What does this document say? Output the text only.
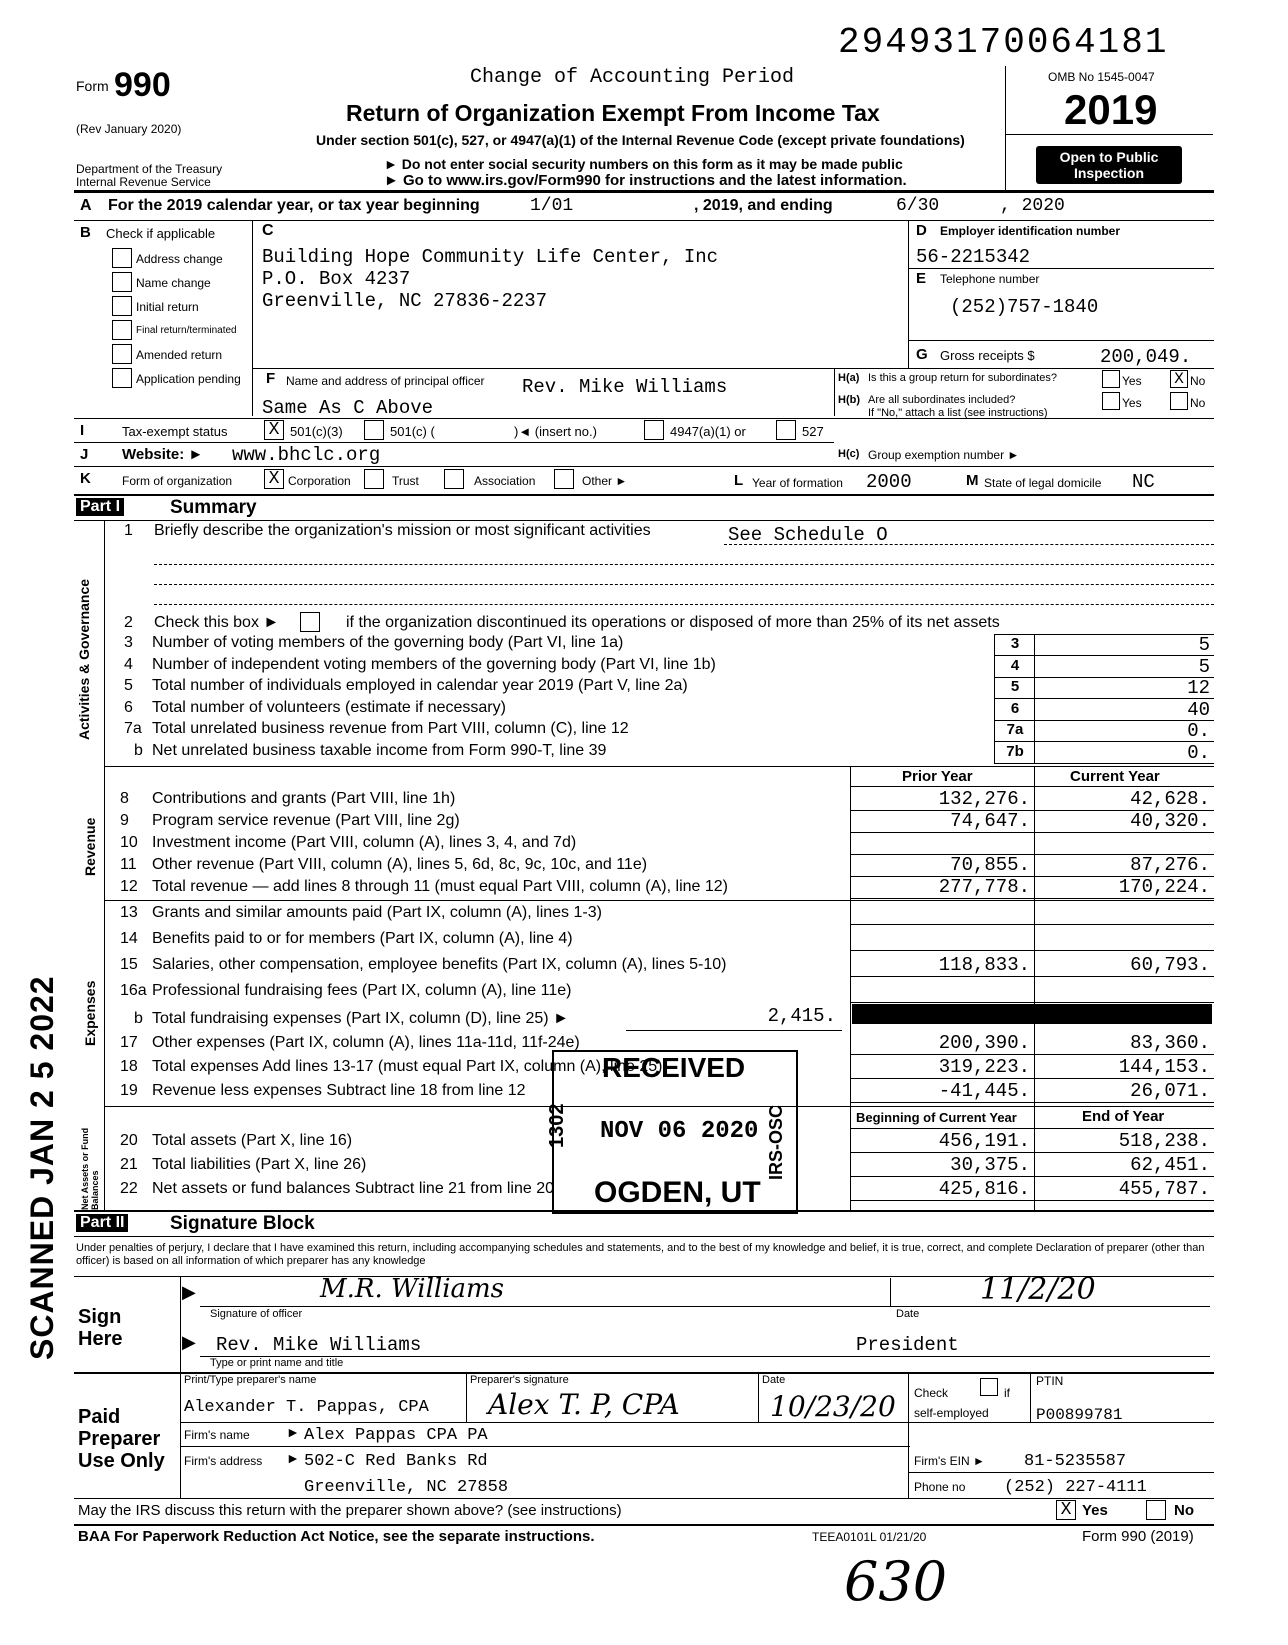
29493170064181
Form 990
(Rev January 2020)
Department of the Treasury
Internal Revenue Service
Change of Accounting Period
Return of Organization Exempt From Income Tax
Under section 501(c), 527, or 4947(a)(1) of the Internal Revenue Code (except private foundations)
► Do not enter social security numbers on this form as it may be made public
► Go to www.irs.gov/Form990 for instructions and the latest information.
OMB No 1545-0047
2019
Open to Public
Inspection
A For the 2019 calendar year, or tax year beginning	1/01	, 2019, and ending	6/30	, 2020
B Check if applicable
Address change
Name change
Initial return
Final return/terminated
Amended return
Application pending
C
Building Hope Community Life Center, Inc
P.O. Box 4237
Greenville, NC 27836-2237
D Employer identification number
56-2215342
E Telephone number
(252)757-1840
G Gross receipts $	200,049.
F Name and address of principal officer Rev. Mike Williams
Same As C Above
H(a) Is this a group return for subordinates?	Yes X No
H(b) Are all subordinates included?
If "No," attach a list (see instructions)
Yes	No
I	Tax-exempt status X 501(c)(3)	501(c) (	)◄ (insert no.)	4947(a)(1) or	527
J Website: ► www.bhclc.org	H(c) Group exemption number ►
K	Form of organization X Corporation	Trust	Association	Other ►	L Year of formation 2000	M State of legal domicile NC
Part I	Summary
Activities & Governance
Revenue
Expenses
Net Assets or Fund Balances
1 Briefly describe the organization's mission or most significant activities	See Schedule O
2 Check this box ►	if the organization discontinued its operations or disposed of more than 25% of its net assets
3 Number of voting members of the governing body (Part VI, line 1a)	3	5
4 Number of independent voting members of the governing body (Part VI, line 1b)	4	5
5 Total number of individuals employed in calendar year 2019 (Part V, line 2a)	5	12
6 Total number of volunteers (estimate if necessary)	6	40
7a Total unrelated business revenue from Part VIII, column (C), line 12	7a	0.
b Net unrelated business taxable income from Form 990-T, line 39	7b	0.
Prior Year	Current Year
8 Contributions and grants (Part VIII, line 1h)	132,276.	42,628.
9 Program service revenue (Part VIII, line 2g)	74,647.	40,320.
10 Investment income (Part VIII, column (A), lines 3, 4, and 7d)
11 Other revenue (Part VIII, column (A), lines 5, 6d, 8c, 9c, 10c, and 11e)	70,855.	87,276.
12 Total revenue — add lines 8 through 11 (must equal Part VIII, column (A), line 12)	277,778.	170,224.
13 Grants and similar amounts paid (Part IX, column (A), lines 1-3)
14 Benefits paid to or for members (Part IX, column (A), line 4)
15 Salaries, other compensation, employee benefits (Part IX, column (A), lines 5-10)	118,833.	60,793.
16a Professional fundraising fees (Part IX, column (A), line 11e)
b Total fundraising expenses (Part IX, column (D), line 25) ►	2,415.
17 Other expenses (Part IX, column (A), lines 11a-11d, 11f-24e)	200,390.	83,360.
18 Total expenses Add lines 13-17 (must equal Part IX, column (A), line 25)	319,223.	144,153.
19 Revenue less expenses Subtract line 18 from line 12	-41,445.	26,071.
Beginning of Current Year	End of Year
20 Total assets (Part X, line 16)	456,191.	518,238.
21 Total liabilities (Part X, line 26)	30,375.	62,451.
22 Net assets or fund balances Subtract line 21 from line 20	425,816.	455,787.
RECEIVED
NOV 06 2020
OGDEN, UT
1302	IRS-OSC
SCANNED JAN 2 5 2022 Part II Signature Block
Under penalties of perjury, I declare that I have examined this return, including accompanying schedules and statements, and to the best of my knowledge and belief, it is true, correct, and complete Declaration of preparer (other than officer) is based on all information of which preparer has any knowledge
Sign
Here
▶	M.R. Williams
Signature of officer
11/2/20
Date
▶ Rev. Mike Williams	President
Type or print name and title
Paid
Preparer
Use Only
Print/Type preparer's name
Alexander T. Pappas, CPA
Preparer's signature
Alex T. P, CPA
Date
10/23/20 Check	if
self-employed
PTIN
P00899781
Firm's name	► Alex Pappas CPA PA
Firm's address ► 502-C Red Banks Rd
Greenville, NC 27858
Firm's EIN ► 81-5235587
Phone no (252) 227-4111
May the IRS discuss this return with the preparer shown above? (see instructions)	X Yes	No
BAA For Paperwork Reduction Act Notice, see the separate instructions.	TEEA0101L 01/21/20	Form 990 (2019)
630
